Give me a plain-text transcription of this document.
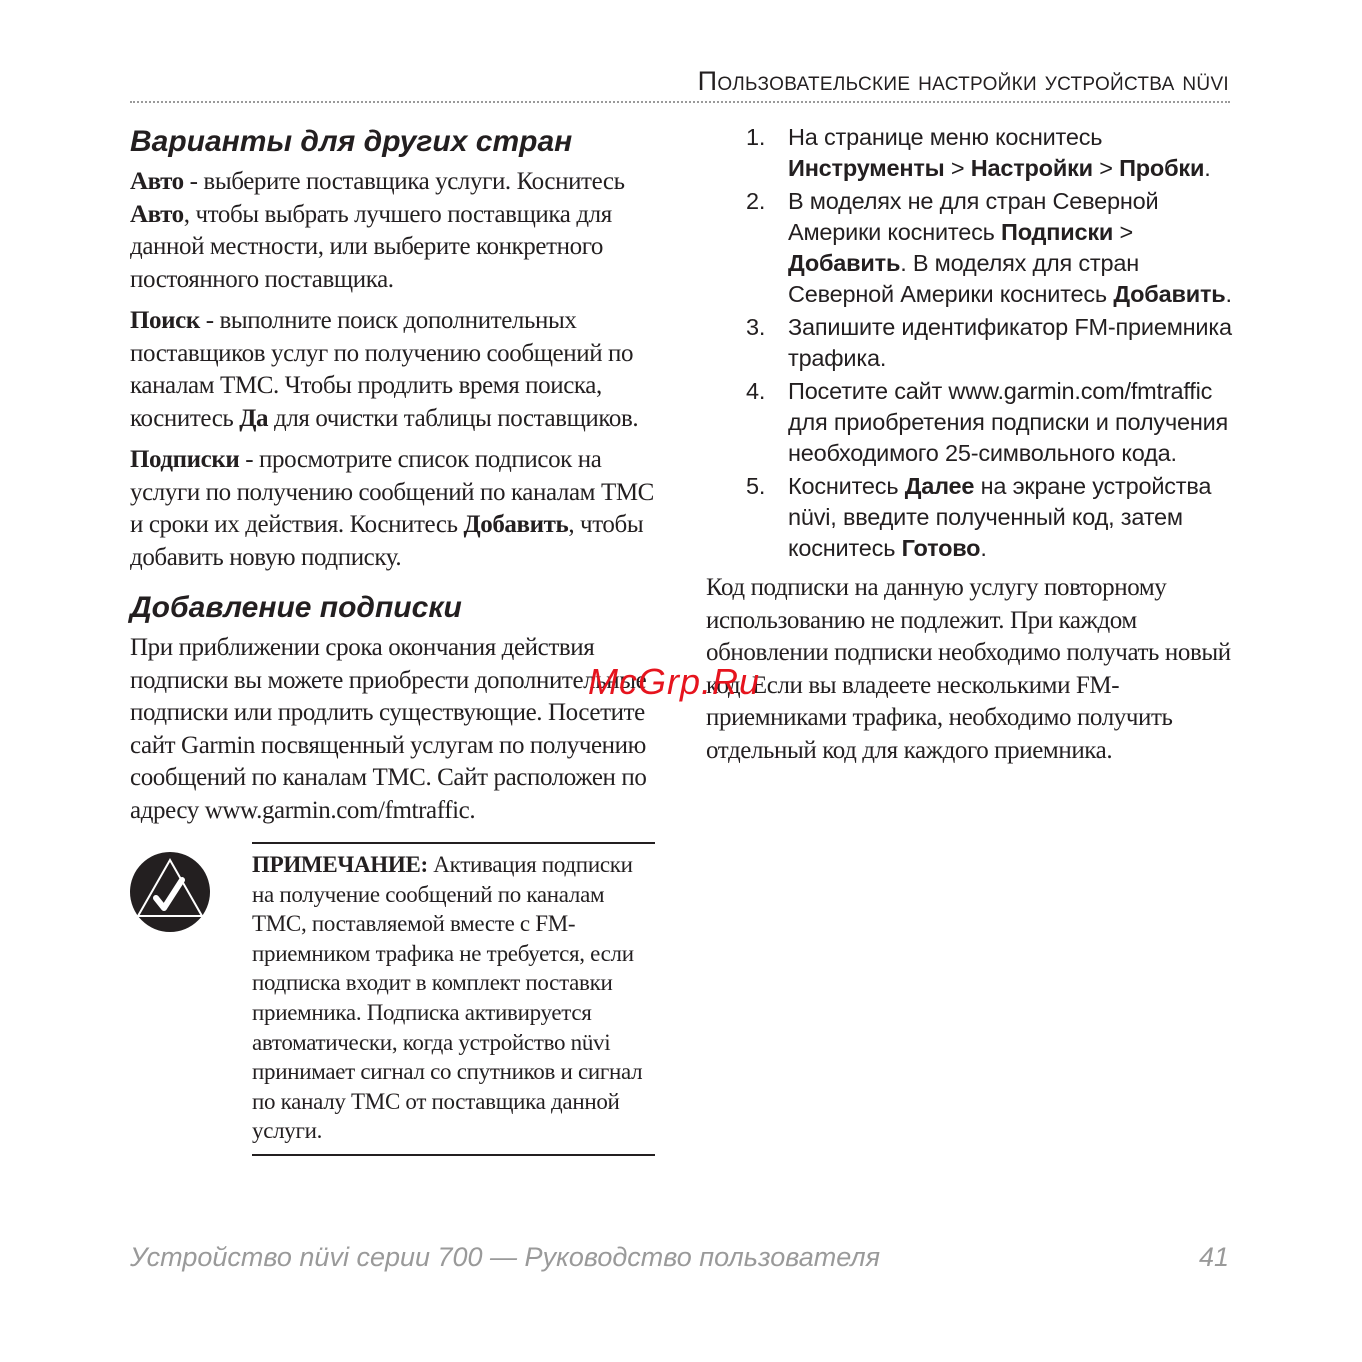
Пользовательские настройки устройства nüvi
Варианты для других стран

Авто - выберите поставщика услуги. Коснитесь Авто, чтобы выбрать лучшего поставщика для данной местности, или выберите конкретного постоянного поставщика.

Поиск - выполните поиск дополнительных поставщиков услуг по получению сообщений по каналам TMC. Чтобы продлить время поиска, коснитесь Да для очистки таблицы поставщиков.

Подписки - просмотрите список подписок на услуги по получению сообщений по каналам TMC и сроки их действия. Коснитесь Добавить, чтобы добавить новую подписку.

Добавление подписки

При приближении срока окончания действия подписки вы можете приобрести дополнительные подписки или продлить существующие. Посетите сайт Garmin посвященный услугам по получению сообщений по каналам TMC. Сайт расположен по адресу www.garmin.com/fmtraffic.

ПРИМЕЧАНИЕ: Активация подписки на получение сообщений по каналам TMC, поставляемой вместе с FM-приемником трафика не требуется, если подписка входит в комплект поставки приемника. Подписка активируется автоматически, когда устройство nüvi принимает сигнал со спутников и сигнал по каналу TMC от поставщика данной услуги.
1. На странице меню коснитесь Инструменты > Настройки > Пробки.
2. В моделях не для стран Северной Америки коснитесь Подписки > Добавить. В моделях для стран Северной Америки коснитесь Добавить.
3. Запишите идентификатор FM-приемника трафика.
4. Посетите сайт www.garmin.com/fmtraffic для приобретения подписки и получения необходимого 25-символьного кода.
5. Коснитесь Далее на экране устройства nüvi, введите полученный код, затем коснитесь Готово.

Код подписки на данную услугу повторному использованию не подлежит. При каждом обновлении подписки необходимо получать новый код. Если вы владеете несколькими FM-приемниками трафика, необходимо получить отдельный код для каждого приемника.

McGrp.Ru
Устройство nüvi серии 700 — Руководство пользователя	41
